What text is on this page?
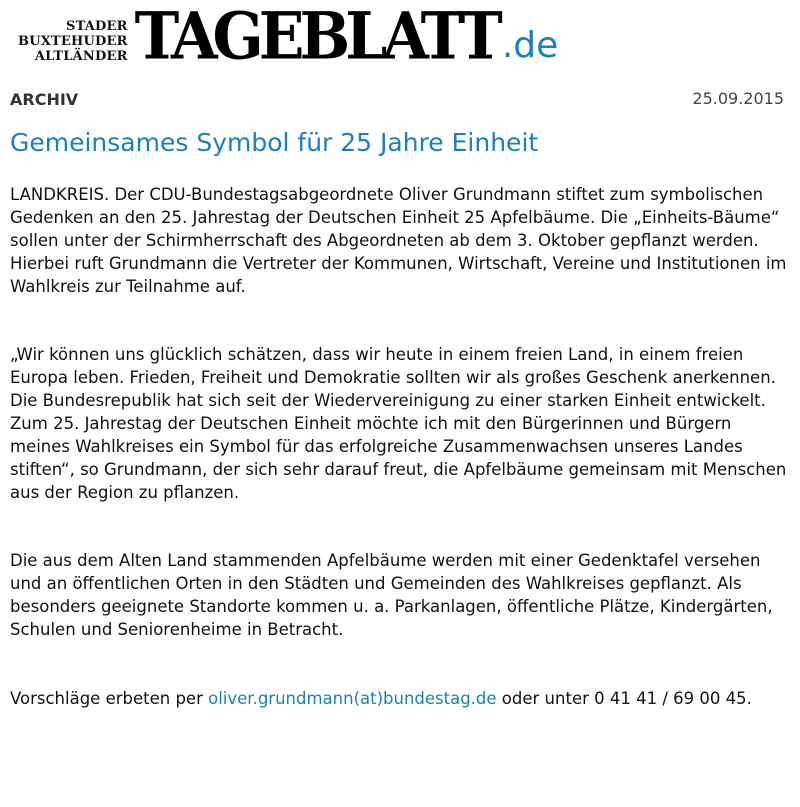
STADER
BUXTEHUDER
ALTLÄNDER TAGEBLATT .de
ARCHIV	25.09.2015
Gemeinsames Symbol für 25 Jahre Einheit

LANDKREIS. Der CDU-Bundestagsabgeordnete Oliver Grundmann stiftet zum symbolischen Gedenken an den 25. Jahrestag der Deutschen Einheit 25 Apfelbäume. Die „Einheits-Bäume“ sollen unter der Schirmherrschaft des Abgeordneten ab dem 3. Oktober gepflanzt werden. Hierbei ruft Grundmann die Vertreter der Kommunen, Wirtschaft, Vereine und Institutionen im Wahlkreis zur Teilnahme auf.

„Wir können uns glücklich schätzen, dass wir heute in einem freien Land, in einem freien Europa leben. Frieden, Freiheit und Demokratie sollten wir als großes Geschenk anerkennen. Die Bundesrepublik hat sich seit der Wiedervereinigung zu einer starken Einheit entwickelt. Zum 25. Jahrestag der Deutschen Einheit möchte ich mit den Bürgerinnen und Bürgern meines Wahlkreises ein Symbol für das erfolgreiche Zusammenwachsen unseres Landes stiften“, so Grundmann, der sich sehr darauf freut, die Apfelbäume gemeinsam mit Menschen aus der Region zu pflanzen.

Die aus dem Alten Land stammenden Apfelbäume werden mit einer Gedenktafel versehen und an öffentlichen Orten in den Städten und Gemeinden des Wahlkreises gepflanzt. Als besonders geeignete Standorte kommen u. a. Parkanlagen, öffentliche Plätze, Kindergärten, Schulen und Seniorenheime in Betracht.

Vorschläge erbeten per oliver.grundmann(at)bundestag.de oder unter 0 41 41 / 69 00 45.
